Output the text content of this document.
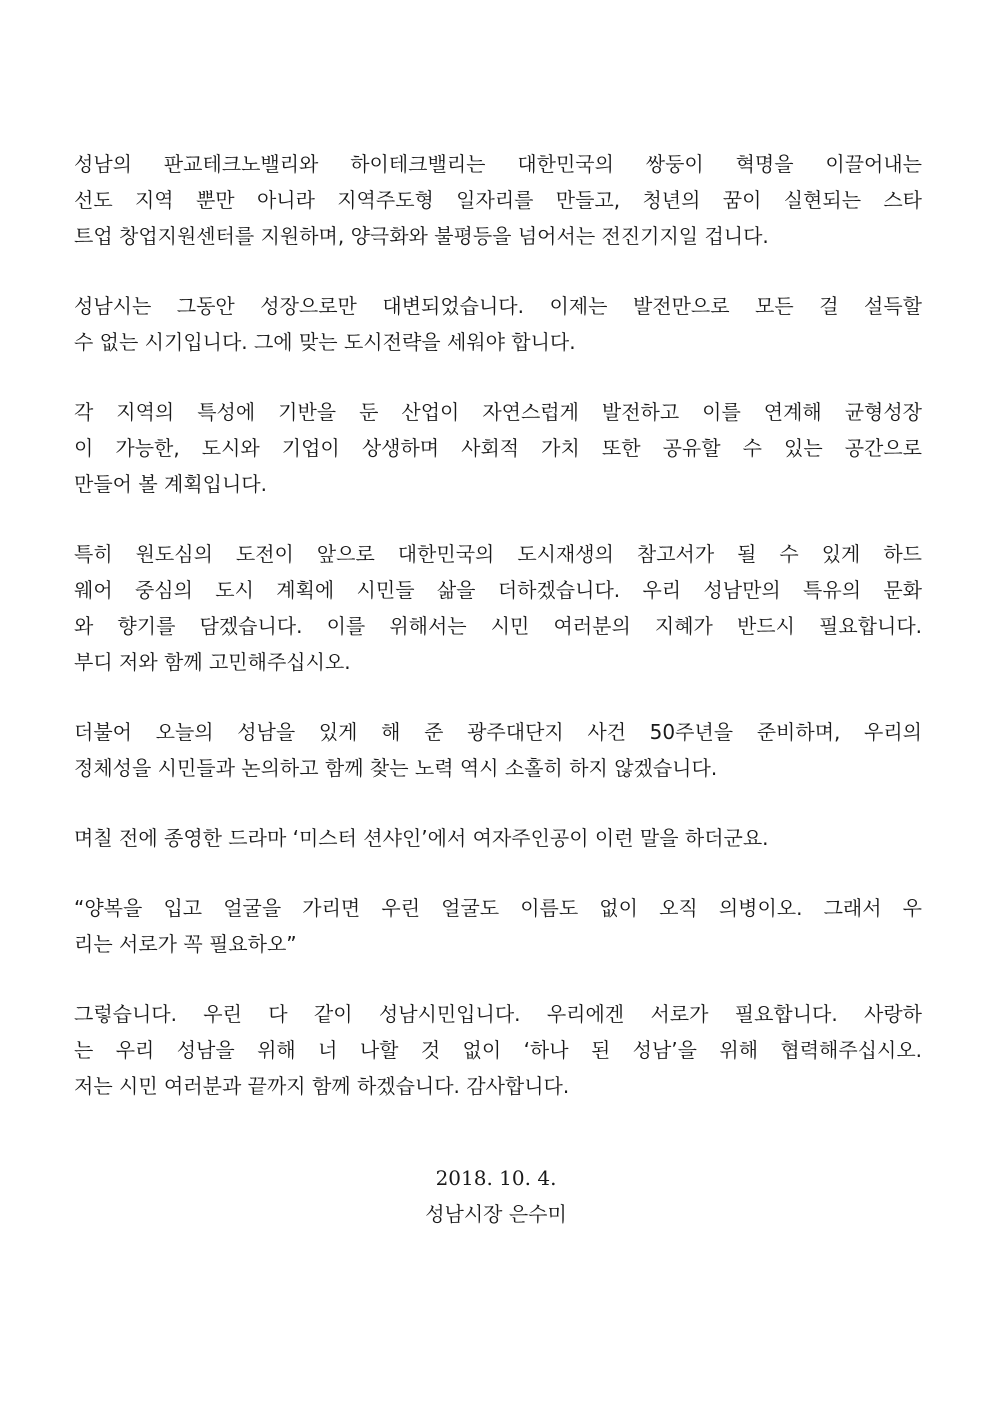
성남의 판교테크노밸리와 하이테크밸리는 대한민국의 쌍둥이 혁명을 이끌어내는
선도 지역 뿐만 아니라 지역주도형 일자리를 만들고, 청년의 꿈이 실현되는 스타
트업 창업지원센터를 지원하며, 양극화와 불평등을 넘어서는 전진기지일 겁니다.

성남시는 그동안 성장으로만 대변되었습니다. 이제는 발전만으로 모든 걸 설득할
수 없는 시기입니다. 그에 맞는 도시전략을 세워야 합니다.

각 지역의 특성에 기반을 둔 산업이 자연스럽게 발전하고 이를 연계해 균형성장
이 가능한, 도시와 기업이 상생하며 사회적 가치 또한 공유할 수 있는 공간으로
만들어 볼 계획입니다.

특히 원도심의 도전이 앞으로 대한민국의 도시재생의 참고서가 될 수 있게 하드
웨어 중심의 도시 계획에 시민들 삶을 더하겠습니다. 우리 성남만의 특유의 문화
와 향기를 담겠습니다. 이를 위해서는 시민 여러분의 지혜가 반드시 필요합니다.
부디 저와 함께 고민해주십시오.

더불어 오늘의 성남을 있게 해 준 광주대단지 사건 50주년을 준비하며, 우리의
정체성을 시민들과 논의하고 함께 찾는 노력 역시 소홀히 하지 않겠습니다.

며칠 전에 종영한 드라마 ‘미스터 션샤인’에서 여자주인공이 이런 말을 하더군요.

“양복을 입고 얼굴을 가리면 우린 얼굴도 이름도 없이 오직 의병이오. 그래서 우
리는 서로가 꼭 필요하오”

그렇습니다. 우린 다 같이 성남시민입니다. 우리에겐 서로가 필요합니다. 사랑하
는 우리 성남을 위해 너 나할 것 없이 ‘하나 된 성남’을 위해 협력해주십시오.
저는 시민 여러분과 끝까지 함께 하겠습니다. 감사합니다.

2018. 10. 4.
성남시장 은수미
